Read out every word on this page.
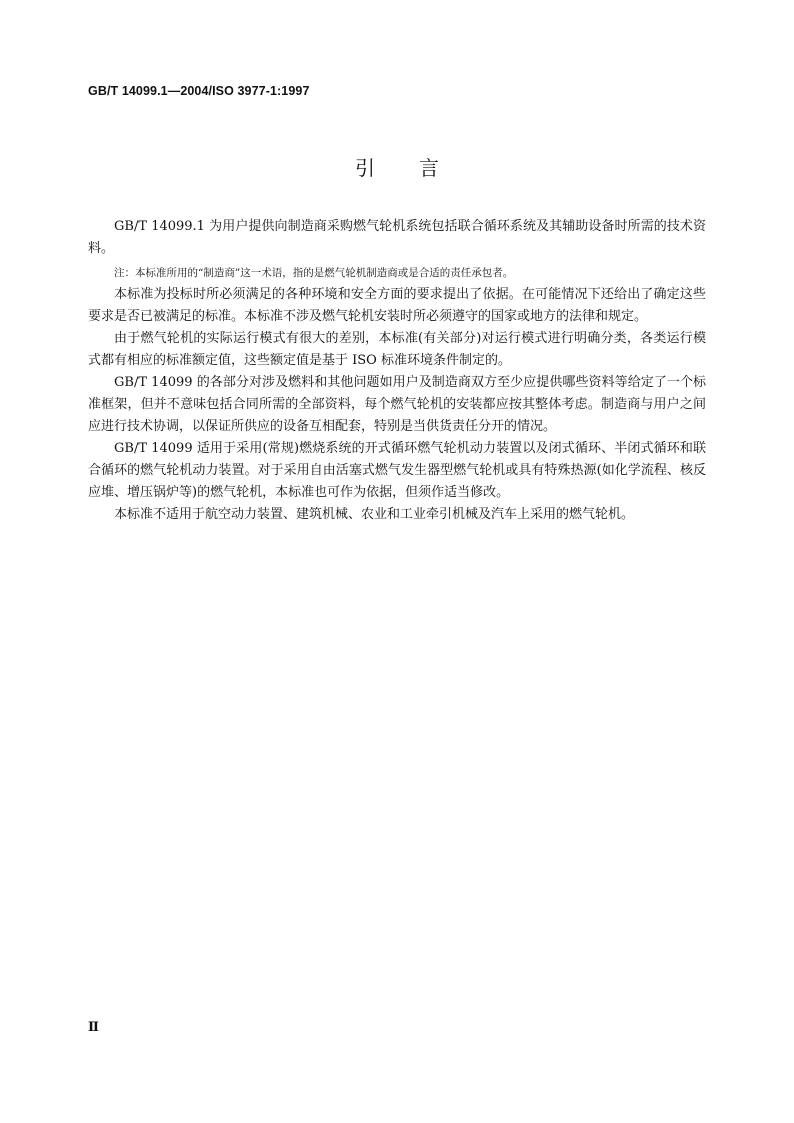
GB/T 14099.1—2004/ISO 3977-1:1997
引言

GB/T 14099.1 为用户提供向制造商采购燃气轮机系统包括联合循环系统及其辅助设备时所需的技术资料。

注：本标准所用的“制造商”这一术语，指的是燃气轮机制造商或是合适的责任承包者。

本标准为投标时所必须满足的各种环境和安全方面的要求提出了依据。在可能情况下还给出了确定这些要求是否已被满足的标准。本标准不涉及燃气轮机安装时所必须遵守的国家或地方的法律和规定。

由于燃气轮机的实际运行模式有很大的差别，本标准(有关部分)对运行模式进行明确分类，各类运行模式都有相应的标准额定值，这些额定值是基于 ISO 标准环境条件制定的。

GB/T 14099 的各部分对涉及燃料和其他问题如用户及制造商双方至少应提供哪些资料等给定了一个标准框架，但并不意味包括合同所需的全部资料，每个燃气轮机的安装都应按其整体考虑。制造商与用户之间应进行技术协调，以保证所供应的设备互相配套，特别是当供货责任分开的情况。

GB/T 14099 适用于采用(常规)燃烧系统的开式循环燃气轮机动力装置以及闭式循环、半闭式循环和联合循环的燃气轮机动力装置。对于采用自由活塞式燃气发生器型燃气轮机或具有特殊热源(如化学流程、核反应堆、增压锅炉等)的燃气轮机，本标准也可作为依据，但须作适当修改。

本标准不适用于航空动力装置、建筑机械、农业和工业牵引机械及汽车上采用的燃气轮机。

Ⅱ
